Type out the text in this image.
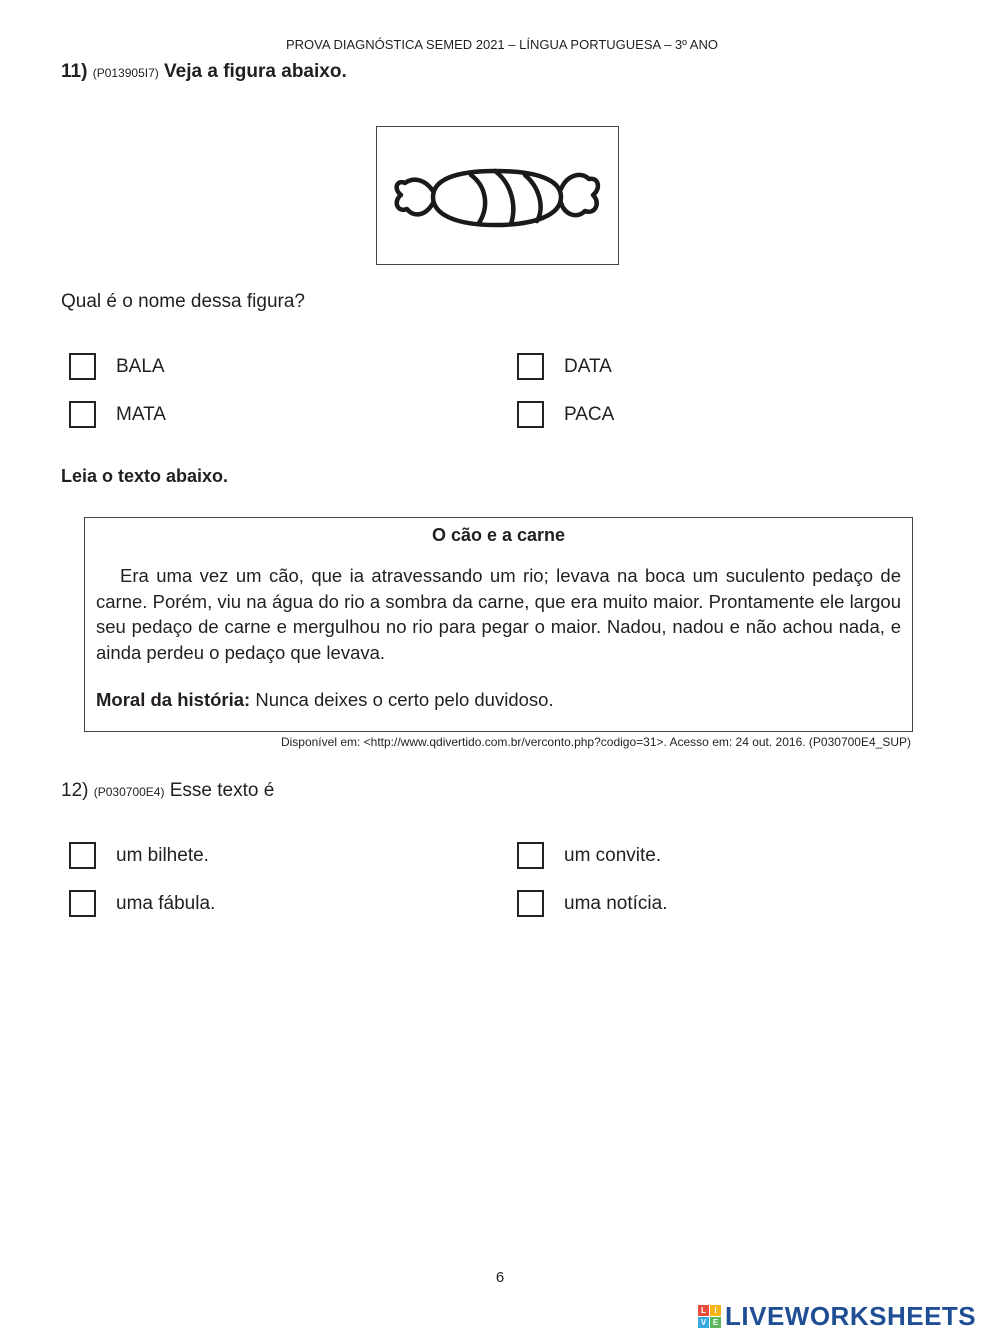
PROVA DIAGNÓSTICA SEMED 2021 – LÍNGUA PORTUGUESA – 3º ANO
11) (P013905I7) Veja a figura abaixo.
Qual é o nome dessa figura?
BALA	DATA
MATA	PACA
Leia o texto abaixo.
O cão e a carne
Era uma vez um cão, que ia atravessando um rio; levava na boca um suculento pedaço de carne. Porém, viu na água do rio a sombra da carne, que era muito maior. Prontamente ele largou seu pedaço de carne e mergulhou no rio para pegar o maior. Nadou, nadou e não achou nada, e ainda perdeu o pedaço que levava.
Moral da história: Nunca deixes o certo pelo duvidoso.
Disponível em: <http://www.qdivertido.com.br/verconto.php?codigo=31>. Acesso em: 24 out. 2016. (P030700E4_SUP)
12) (P030700E4) Esse texto é
um bilhete.	um convite.
uma fábula.	uma notícia.
6
L	I
V E LIVEWORKSHEETS
